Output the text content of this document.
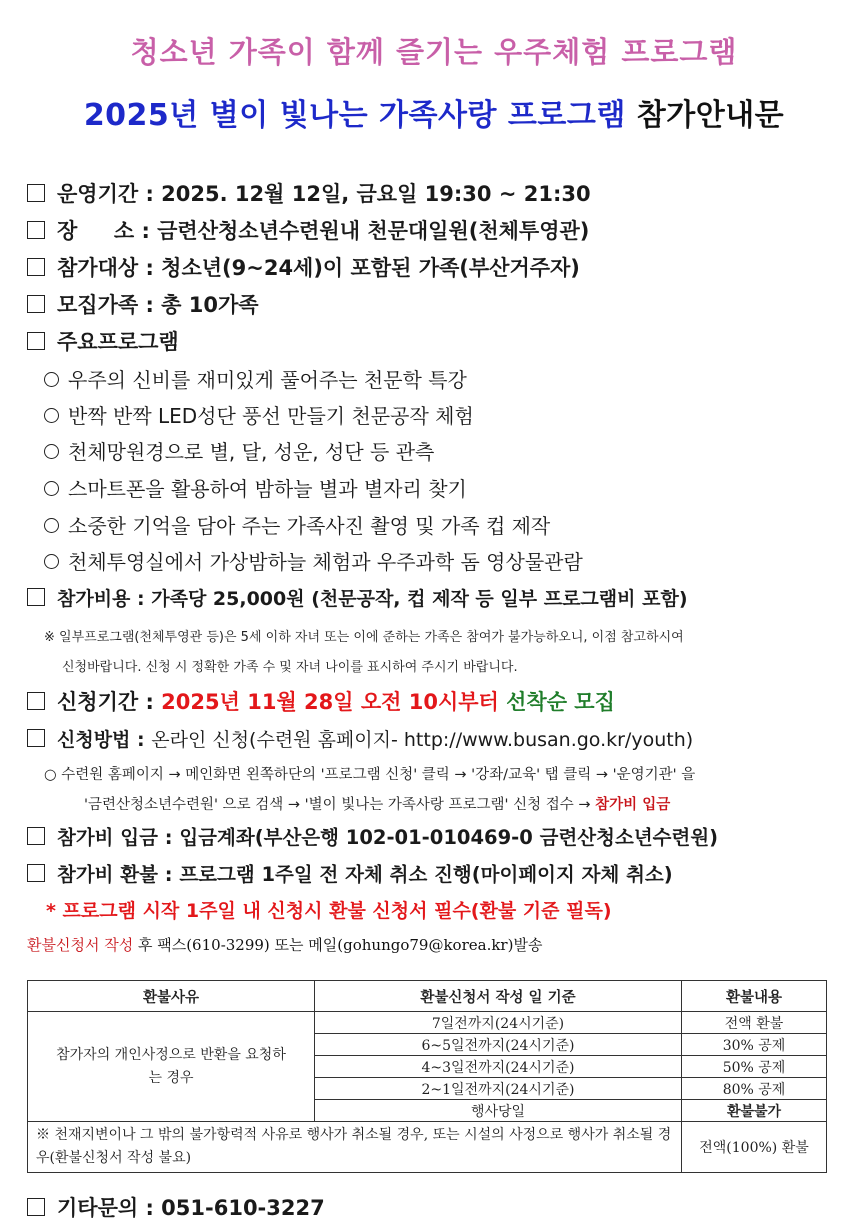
청소년 가족이 함께 즐기는 우주체험 프로그램
2025년 별이 빛나는 가족사랑 프로그램 참가안내문
운영기간 : 2025. 12월 12일, 금요일 19:30 ~ 21:30
장     소 : 금련산청소년수련원내 천문대일원(천체투영관)
참가대상 : 청소년(9~24세)이 포함된 가족(부산거주자)
모집가족 : 총 10가족
주요프로그램
우주의 신비를 재미있게 풀어주는 천문학 특강
반짝 반짝 LED성단 풍선 만들기 천문공작 체험
천체망원경으로 별, 달, 성운, 성단 등 관측
스마트폰을 활용하여 밤하늘 별과 별자리 찾기
소중한 기억을 담아 주는 가족사진 촬영 및 가족 컵 제작
천체투영실에서 가상밤하늘 체험과 우주과학 돔 영상물관람
참가비용 : 가족당 25,000원 (천문공작, 컵 제작 등 일부 프로그램비 포함)
※ 일부프로그램(천체투영관 등)은 5세 이하 자녀 또는 이에 준하는 가족은 참여가 불가능하오니, 이점 참고하시여
신청바랍니다. 신청 시 정확한 가족 수 및 자녀 나이를 표시하여 주시기 바랍니다.
신청기간 : 2025년 11월 28일 오전 10시부터 선착순 모집
신청방법 : 온라인 신청(수련원 홈페이지- http://www.busan.go.kr/youth)
○ 수련원 홈페이지 → 메인화면 왼쪽하단의 '프로그램 신청' 클릭 → '강좌/교육' 탭 클릭 → '운영기관' 을
'금련산청소년수련원' 으로 검색 → '별이 빛나는 가족사랑 프로그램' 신청 접수 → 참가비 입금
참가비 입금 : 입금계좌(부산은행 102-01-010469-0 금련산청소년수련원)
참가비 환불 : 프로그램 1주일 전 자체 취소 진행(마이페이지 자체 취소)
* 프로그램 시작 1주일 내 신청시 환불 신청서 필수(환불 기준 필독)
환불신청서 작성 후 팩스(610-3299) 또는 메일(gohungo79@korea.kr)발송
환불사유	환불신청서 작성 일 기준	환불내용
참가자의 개인사정으로 반환을 요청하는 경우	7일전까지(24시기준)	전액 환불
	6~5일전까지(24시기준)	30% 공제
	4~3일전까지(24시기준)	50% 공제
	2~1일전까지(24시기준)	80% 공제
	행사당일	환불불가
※ 천재지변이나 그 밖의 불가항력적 사유로 행사가 취소될 경우, 또는 시설의 사정으로 행사가 취소될 경우(환불신청서 작성 불요)		전액(100%) 환불
기타문의 : 051-610-3227
